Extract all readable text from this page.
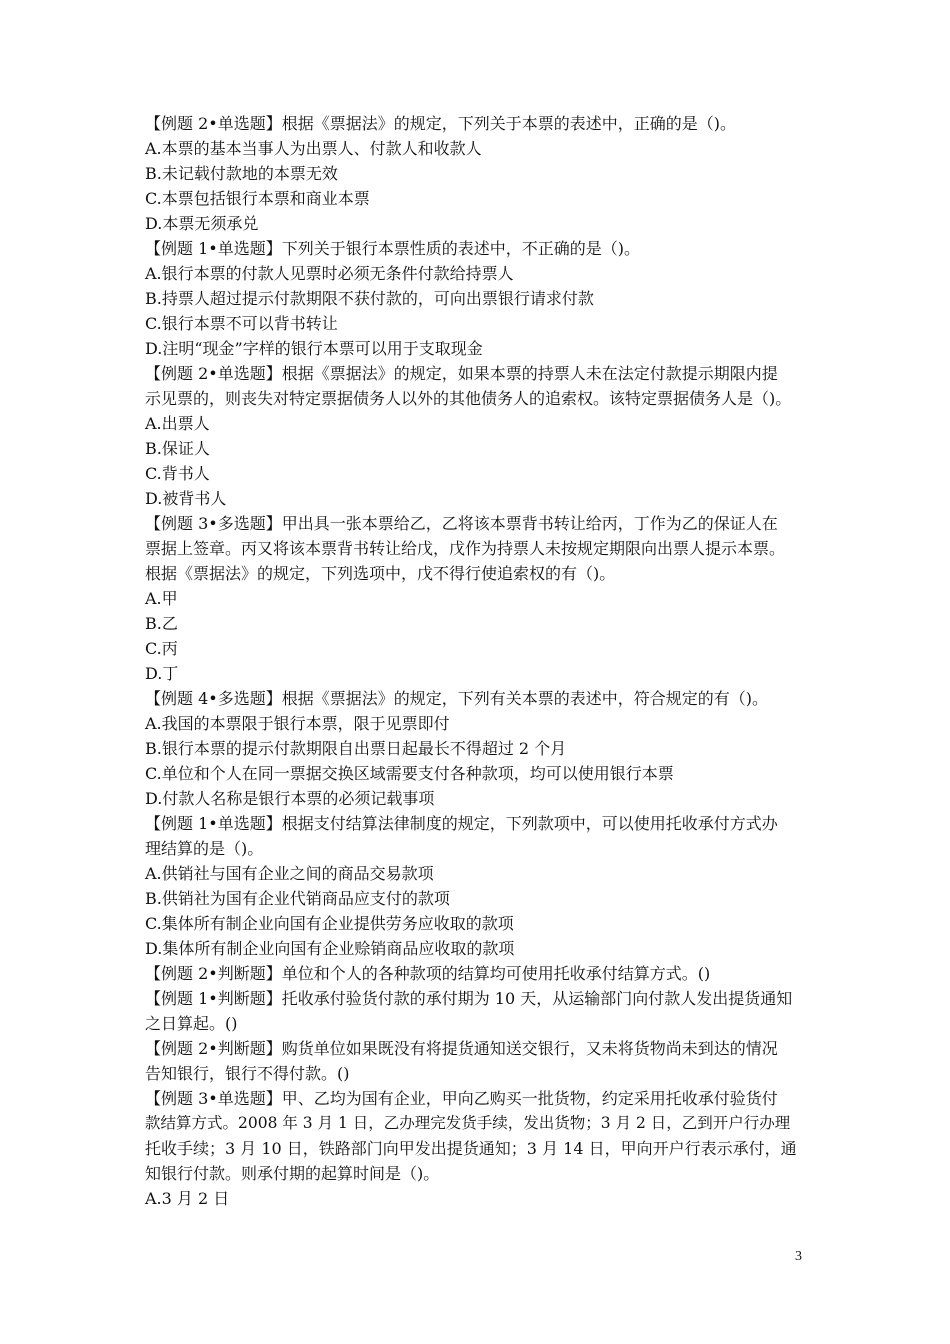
【例题 2•单选题】根据《票据法》的规定，下列关于本票的表述中，正确的是（)。
A.本票的基本当事人为出票人、付款人和收款人
B.未记载付款地的本票无效
C.本票包括银行本票和商业本票
D.本票无须承兑
【例题 1•单选题】下列关于银行本票性质的表述中，不正确的是（)。
A.银行本票的付款人见票时必须无条件付款给持票人
B.持票人超过提示付款期限不获付款的，可向出票银行请求付款
C.银行本票不可以背书转让
D.注明“现金”字样的银行本票可以用于支取现金
【例题 2•单选题】根据《票据法》的规定，如果本票的持票人未在法定付款提示期限内提
示见票的，则丧失对特定票据债务人以外的其他债务人的追索权。该特定票据债务人是（)。
A.出票人
B.保证人
C.背书人
D.被背书人
【例题 3•多选题】甲出具一张本票给乙，乙将该本票背书转让给丙，丁作为乙的保证人在
票据上签章。丙又将该本票背书转让给戊，戊作为持票人未按规定期限向出票人提示本票。
根据《票据法》的规定，下列选项中，戊不得行使追索权的有（)。
A.甲
B.乙
C.丙
D.丁
【例题 4•多选题】根据《票据法》的规定，下列有关本票的表述中，符合规定的有（)。
A.我国的本票限于银行本票，限于见票即付
B.银行本票的提示付款期限自出票日起最长不得超过 2 个月
C.单位和个人在同一票据交换区域需要支付各种款项，均可以使用银行本票
D.付款人名称是银行本票的必须记载事项
【例题 1•单选题】根据支付结算法律制度的规定，下列款项中，可以使用托收承付方式办
理结算的是（)。
A.供销社与国有企业之间的商品交易款项
B.供销社为国有企业代销商品应支付的款项
C.集体所有制企业向国有企业提供劳务应收取的款项
D.集体所有制企业向国有企业赊销商品应收取的款项
【例题 2•判断题】单位和个人的各种款项的结算均可使用托收承付结算方式。()
【例题 1•判断题】托收承付验货付款的承付期为 10 天，从运输部门向付款人发出提货通知
之日算起。()
【例题 2•判断题】购货单位如果既没有将提货通知送交银行，又未将货物尚未到达的情况
告知银行，银行不得付款。()
【例题 3•单选题】甲、乙均为国有企业，甲向乙购买一批货物，约定采用托收承付验货付
款结算方式。2008 年 3 月 1 日，乙办理完发货手续，发出货物；3 月 2 日，乙到开户行办理
托收手续；3 月 10 日，铁路部门向甲发出提货通知；3 月 14 日，甲向开户行表示承付，通
知银行付款。则承付期的起算时间是（)。
A.3 月 2 日
3
